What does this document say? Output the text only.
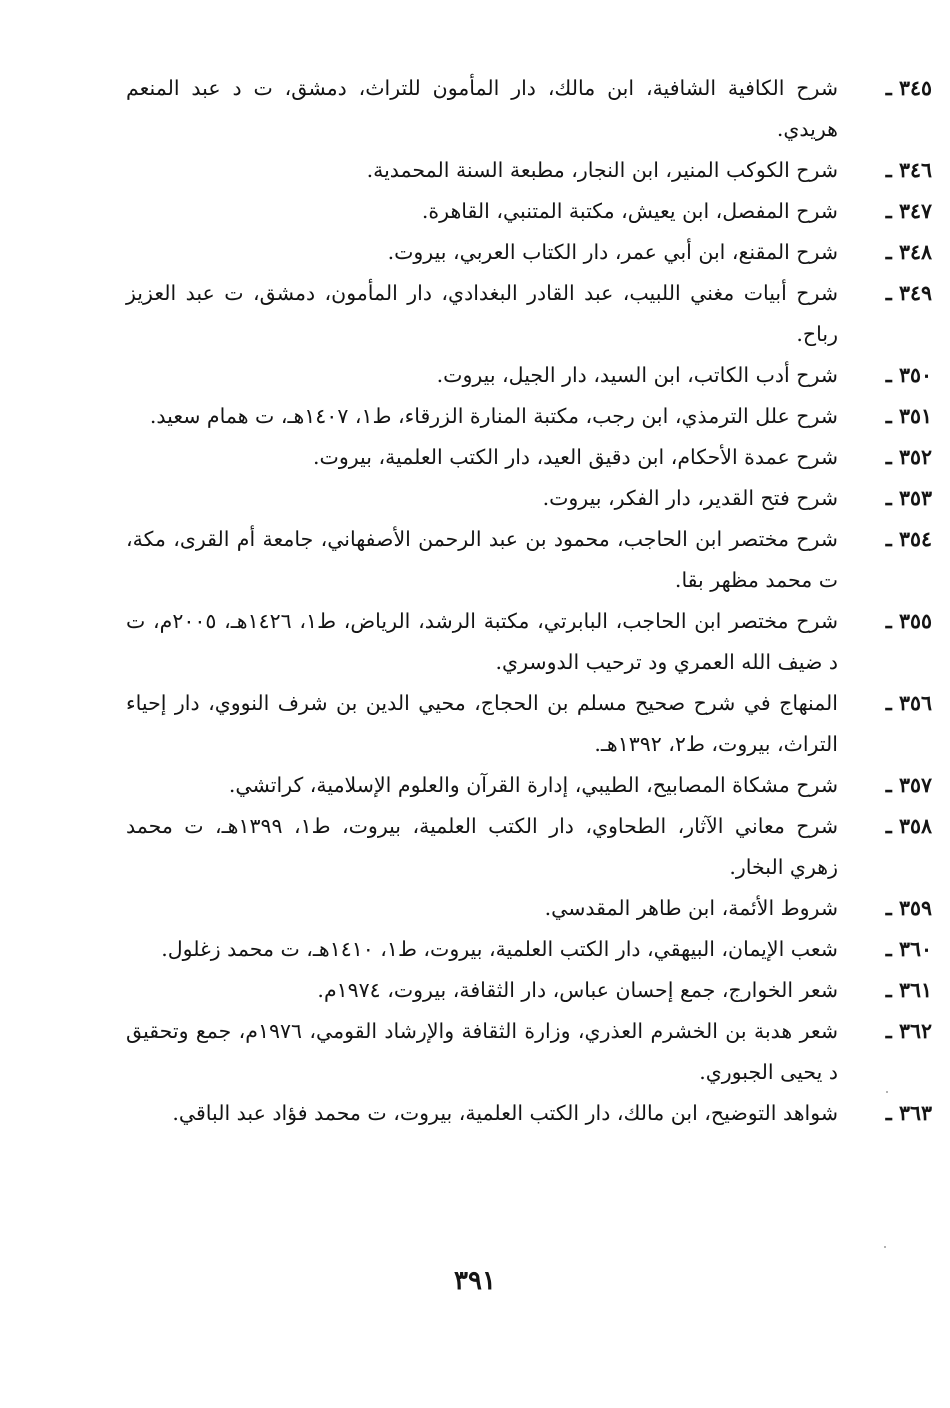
٣٤٥ ـ
شرح الكافية الشافية، ابن مالك، دار المأمون للتراث، دمشق، ت د عبد المنعم هريدي.
٣٤٦ ـ
شرح الكوكب المنير، ابن النجار، مطبعة السنة المحمدية.
٣٤٧ ـ
شرح المفصل، ابن يعيش، مكتبة المتنبي، القاهرة.
٣٤٨ ـ
شرح المقنع، ابن أبي عمر، دار الكتاب العربي، بيروت.
٣٤٩ ـ
شرح أبيات مغني اللبيب، عبد القادر البغدادي، دار المأمون، دمشق، ت عبد العزيز رباح.
٣٥٠ ـ
شرح أدب الكاتب، ابن السيد، دار الجيل، بيروت.
٣٥١ ـ
شرح علل الترمذي، ابن رجب، مكتبة المنارة الزرقاء، ط١، ١٤٠٧هـ، ت همام سعيد.
٣٥٢ ـ
شرح عمدة الأحكام، ابن دقيق العيد، دار الكتب العلمية، بيروت.
٣٥٣ ـ
شرح فتح القدير، دار الفكر، بيروت.
٣٥٤ ـ
شرح مختصر ابن الحاجب، محمود بن عبد الرحمن الأصفهاني، جامعة أم القرى، مكة، ت محمد مظهر بقا.
٣٥٥ ـ
شرح مختصر ابن الحاجب، البابرتي، مكتبة الرشد، الرياض، ط١، ١٤٢٦هـ، ٢٠٠٥م، ت د ضيف الله العمري ود ترحيب الدوسري.
٣٥٦ ـ
المنهاج في شرح صحيح مسلم بن الحجاج، محيي الدين بن شرف النووي، دار إحياء التراث، بيروت، ط٢، ١٣٩٢هـ.
٣٥٧ ـ
شرح مشكاة المصابيح، الطيبي، إدارة القرآن والعلوم الإسلامية، كراتشي.
٣٥٨ ـ
شرح معاني الآثار، الطحاوي، دار الكتب العلمية، بيروت، ط١، ١٣٩٩هـ، ت محمد زهري البخار.
٣٥٩ ـ
شروط الأئمة، ابن طاهر المقدسي.
٣٦٠ ـ
شعب الإيمان، البيهقي، دار الكتب العلمية، بيروت، ط١، ١٤١٠هـ، ت محمد زغلول.
٣٦١ ـ
شعر الخوارج، جمع إحسان عباس، دار الثقافة، بيروت، ١٩٧٤م.
٣٦٢ ـ
شعر هدبة بن الخشرم العذري، وزارة الثقافة والإرشاد القومي، ١٩٧٦م، جمع وتحقيق د يحيى الجبوري.
٣٦٣ ـ
شواهد التوضيح، ابن مالك، دار الكتب العلمية، بيروت، ت محمد فؤاد عبد الباقي.
٣٩١
